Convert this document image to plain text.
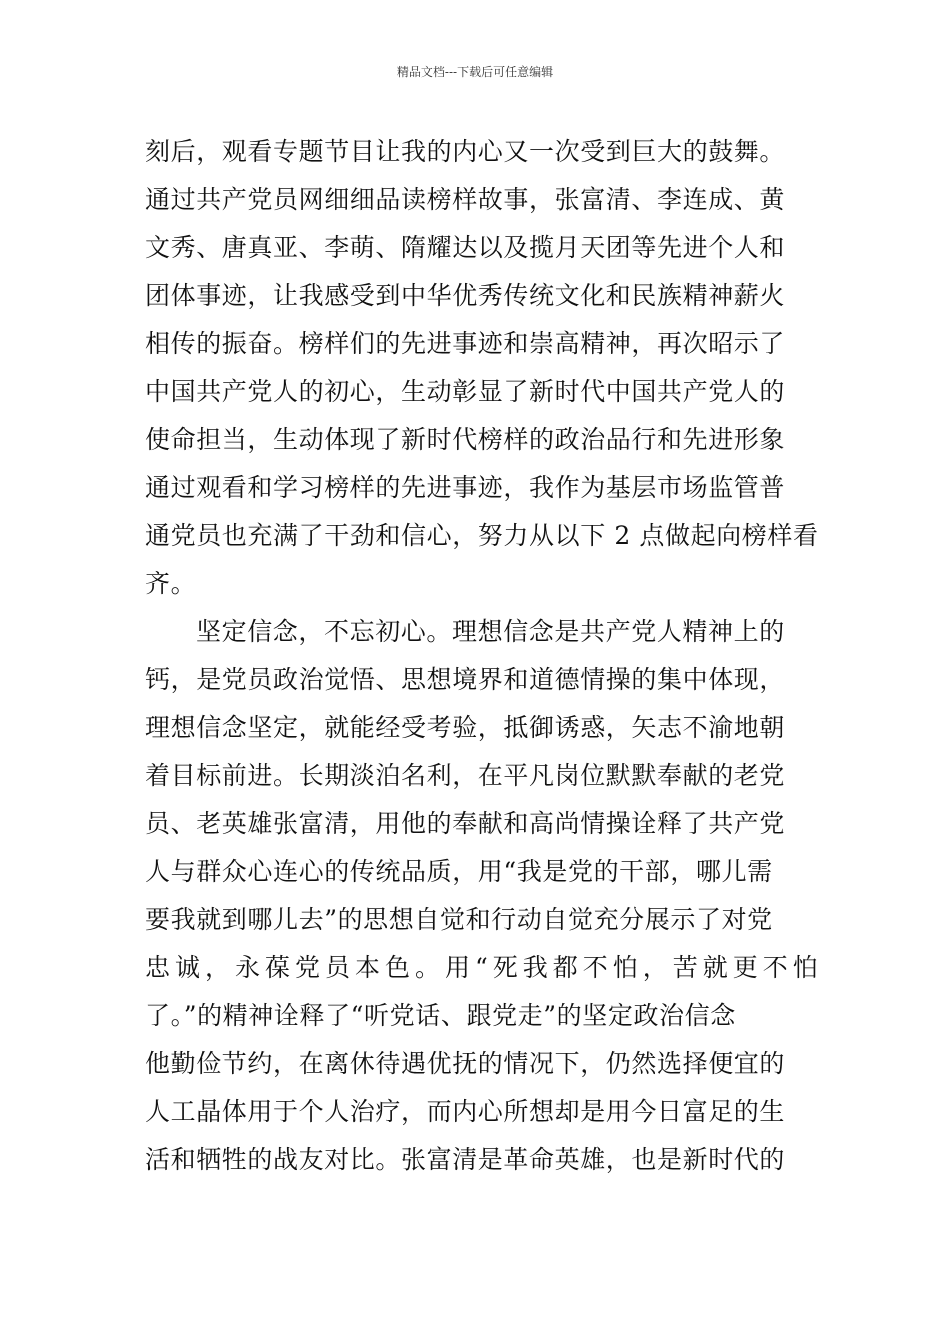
精品文档---下载后可任意编辑
刻后，观看专题节目让我的内心又一次受到巨大的鼓舞。
通过共产党员网细细品读榜样故事，张富清、李连成、黄
文秀、唐真亚、李萌、隋耀达以及揽月天团等先进个人和
团体事迹，让我感受到中华优秀传统文化和民族精神薪火
相传的振奋。榜样们的先进事迹和崇高精神，再次昭示了
中国共产党人的初心，生动彰显了新时代中国共产党人的
使命担当，生动体现了新时代榜样的政治品行和先进形象
通过观看和学习榜样的先进事迹，我作为基层市场监管普
通党员也充满了干劲和信心，努力从以下 2 点做起向榜样看
齐。
坚定信念，不忘初心。理想信念是共产党人精神上的
钙，是党员政治觉悟、思想境界和道德情操的集中体现，
理想信念坚定，就能经受考验，抵御诱惑，矢志不渝地朝
着目标前进。长期淡泊名利，在平凡岗位默默奉献的老党
员、老英雄张富清，用他的奉献和高尚情操诠释了共产党
人与群众心连心的传统品质，用“我是党的干部，哪儿需
要我就到哪儿去”的思想自觉和行动自觉充分展示了对党
忠诚，永葆党员本色。用“死我都不怕，苦就更不怕
了。”的精神诠释了“听党话、跟党走”的坚定政治信念
他勤俭节约，在离休待遇优抚的情况下，仍然选择便宜的
人工晶体用于个人治疗，而内心所想却是用今日富足的生
活和牺牲的战友对比。张富清是革命英雄，也是新时代的
